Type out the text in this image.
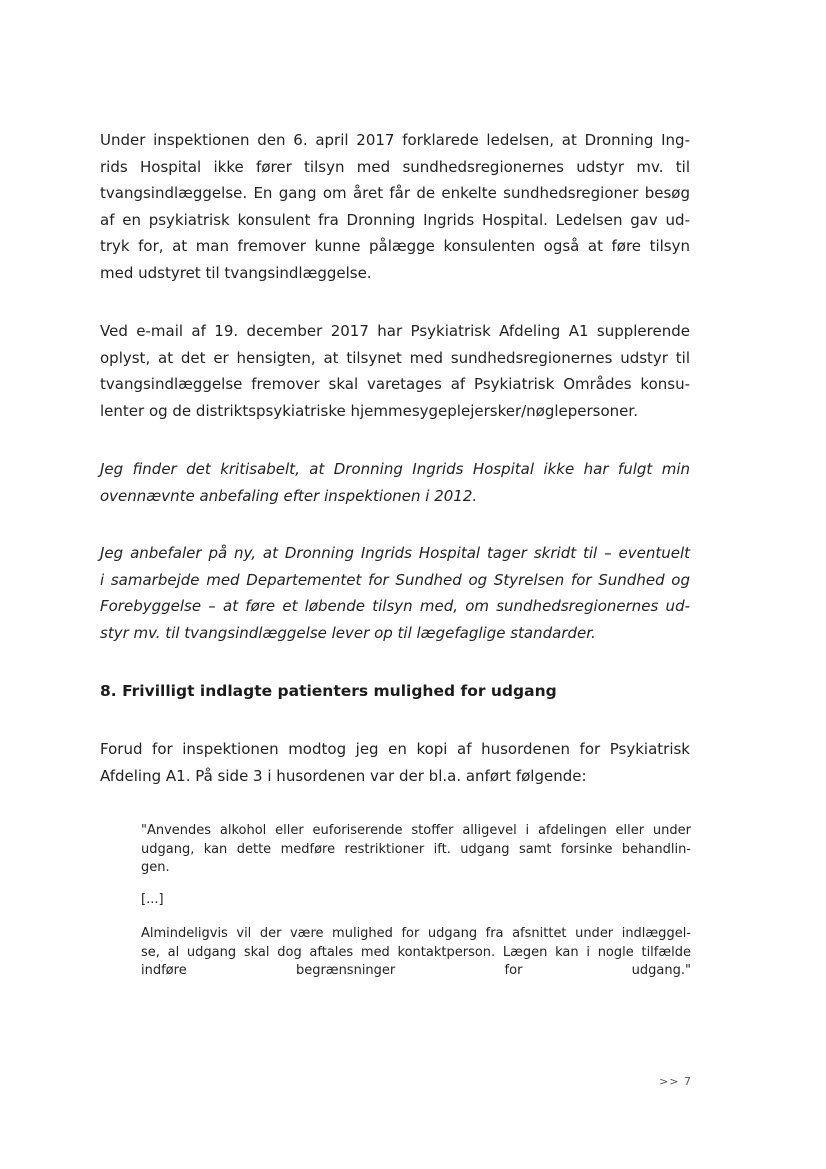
Under inspektionen den 6. april 2017 forklarede ledelsen, at Dronning Ing-
rids Hospital ikke fører tilsyn med sundhedsregionernes udstyr mv. til
tvangsindlæggelse. En gang om året får de enkelte sundhedsregioner besøg
af en psykiatrisk konsulent fra Dronning Ingrids Hospital. Ledelsen gav ud-
tryk for, at man fremover kunne pålægge konsulenten også at føre tilsyn
med udstyret til tvangsindlæggelse.

Ved e-mail af 19. december 2017 har Psykiatrisk Afdeling A1 supplerende
oplyst, at det er hensigten, at tilsynet med sundhedsregionernes udstyr til
tvangsindlæggelse fremover skal varetages af Psykiatrisk Områdes konsu-
lenter og de distriktspsykiatriske hjemmesygeplejersker/nøglepersoner.

Jeg finder det kritisabelt, at Dronning Ingrids Hospital ikke har fulgt min
ovennævnte anbefaling efter inspektionen i 2012.

Jeg anbefaler på ny, at Dronning Ingrids Hospital tager skridt til – eventuelt
i samarbejde med Departementet for Sundhed og Styrelsen for Sundhed og
Forebyggelse – at føre et løbende tilsyn med, om sundhedsregionernes ud-
styr mv. til tvangsindlæggelse lever op til lægefaglige standarder.

8. Frivilligt indlagte patienters mulighed for udgang

Forud for inspektionen modtog jeg en kopi af husordenen for Psykiatrisk
Afdeling A1. På side 3 i husordenen var der bl.a. anført følgende:

"Anvendes alkohol eller euforiserende stoffer alligevel i afdelingen eller under
udgang, kan dette medføre restriktioner ift. udgang samt forsinke behandlin-
gen.
[...]
Almindeligvis vil der være mulighed for udgang fra afsnittet under indlæggel-
se, al udgang skal dog aftales med kontaktperson. Lægen kan i nogle tilfælde
indføre begrænsninger for udgang."
>> 7
